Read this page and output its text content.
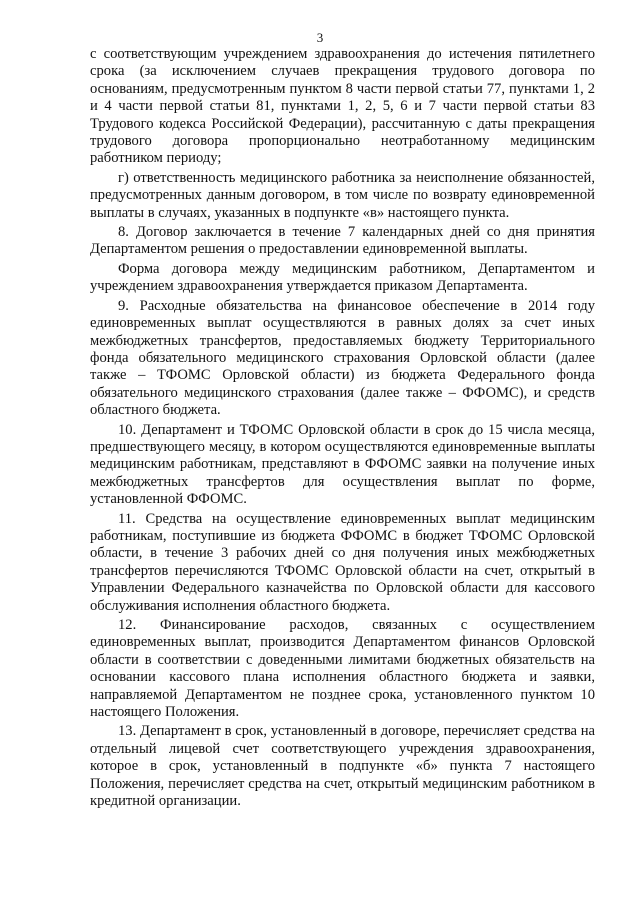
3

с соответствующим учреждением здравоохранения до истечения пятилетнего срока (за исключением случаев прекращения трудового договора по основаниям, предусмотренным пунктом 8 части первой статьи 77, пунктами 1, 2 и 4 части первой статьи 81, пунктами 1, 2, 5, 6 и 7 части первой статьи 83 Трудового кодекса Российской Федерации), рассчитанную с даты прекращения трудового договора пропорционально неотработанному медицинским работником периоду;

г) ответственность медицинского работника за неисполнение обязанностей, предусмотренных данным договором, в том числе по возврату единовременной выплаты в случаях, указанных в подпункте «в» настоящего пункта.

8. Договор заключается в течение 7 календарных дней со дня принятия Департаментом решения о предоставлении единовременной выплаты.

Форма договора между медицинским работником, Департаментом и учреждением здравоохранения утверждается приказом Департамента.

9. Расходные обязательства на финансовое обеспечение в 2014 году единовременных выплат осуществляются в равных долях за счет иных межбюджетных трансфертов, предоставляемых бюджету Территориального фонда обязательного медицинского страхования Орловской области (далее также – ТФОМС Орловской области) из бюджета Федерального фонда обязательного медицинского страхования (далее также – ФФОМС), и средств областного бюджета.

10. Департамент и ТФОМС Орловской области в срок до 15 числа месяца, предшествующего месяцу, в котором осуществляются единовременные выплаты медицинским работникам, представляют в ФФОМС заявки на получение иных межбюджетных трансфертов для осуществления выплат по форме, установленной ФФОМС.

11. Средства на осуществление единовременных выплат медицинским работникам, поступившие из бюджета ФФОМС в бюджет ТФОМС Орловской области, в течение 3 рабочих дней со дня получения иных межбюджетных трансфертов перечисляются ТФОМС Орловской области на счет, открытый в Управлении Федерального казначейства по Орловской области для кассового обслуживания исполнения областного бюджета.

12. Финансирование расходов, связанных с осуществлением единовременных выплат, производится Департаментом финансов Орловской области в соответствии с доведенными лимитами бюджетных обязательств на основании кассового плана исполнения областного бюджета и заявки, направляемой Департаментом не позднее срока, установленного пунктом 10 настоящего Положения.

13. Департамент в срок, установленный в договоре, перечисляет средства на отдельный лицевой счет соответствующего учреждения здравоохранения, которое в срок, установленный в подпункте «б» пункта 7 настоящего Положения, перечисляет средства на счет, открытый медицинским работником в кредитной организации.
